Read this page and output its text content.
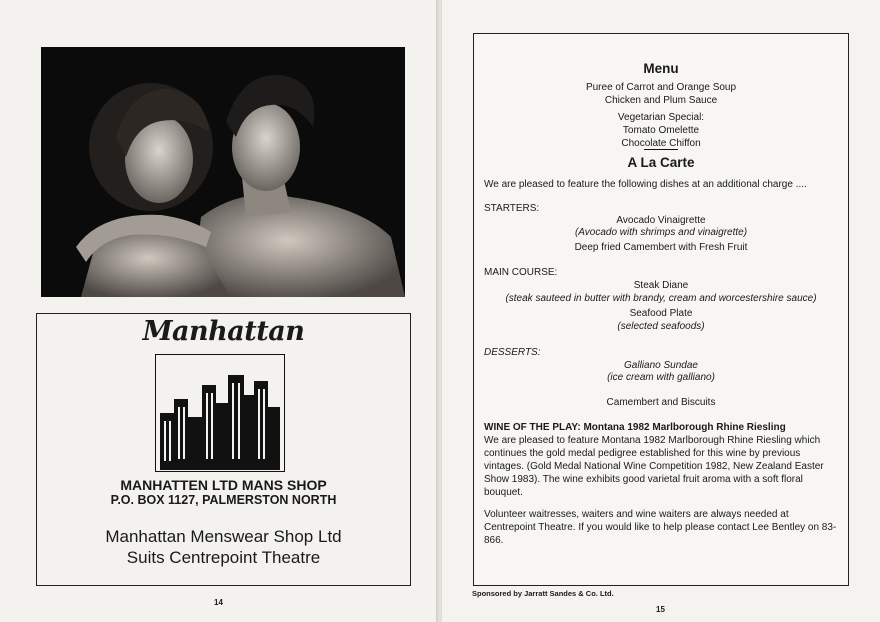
Manhattan
MANHATTEN LTD MANS SHOP
P.O. BOX 1127, PALMERSTON NORTH
Manhattan Menswear Shop Ltd
Suits Centrepoint Theatre
14
Menu
Puree of Carrot and Orange Soup
Chicken and Plum Sauce
Vegetarian Special:
Tomato Omelette
Chocolate Chiffon
A La Carte
We are pleased to feature the following dishes at an additional charge ....
STARTERS:
Avocado Vinaigrette
(Avocado with shrimps and vinaigrette)
Deep fried Camembert with Fresh Fruit
MAIN COURSE:
Steak Diane
(steak sauteed in butter with brandy, cream and worcestershire sauce)
Seafood Plate
(selected seafoods)
DESSERTS:
Galliano Sundae
(ice cream with galliano)
Camembert and Biscuits
WINE OF THE PLAY: Montana 1982 Marlborough Rhine Riesling
We are pleased to feature Montana 1982 Marlborough Rhine Riesling which continues the gold medal pedigree established for this wine by previous vintages. (Gold Medal National Wine Competition 1982, New Zealand Easter Show 1983). The wine exhibits good varietal fruit aroma with a soft floral bouquet.
Volunteer waitresses, waiters and wine waiters are always needed at Centrepoint Theatre. If you would like to help please contact Lee Bentley on 83-866.
Sponsored by Jarratt Sandes & Co. Ltd.
15
